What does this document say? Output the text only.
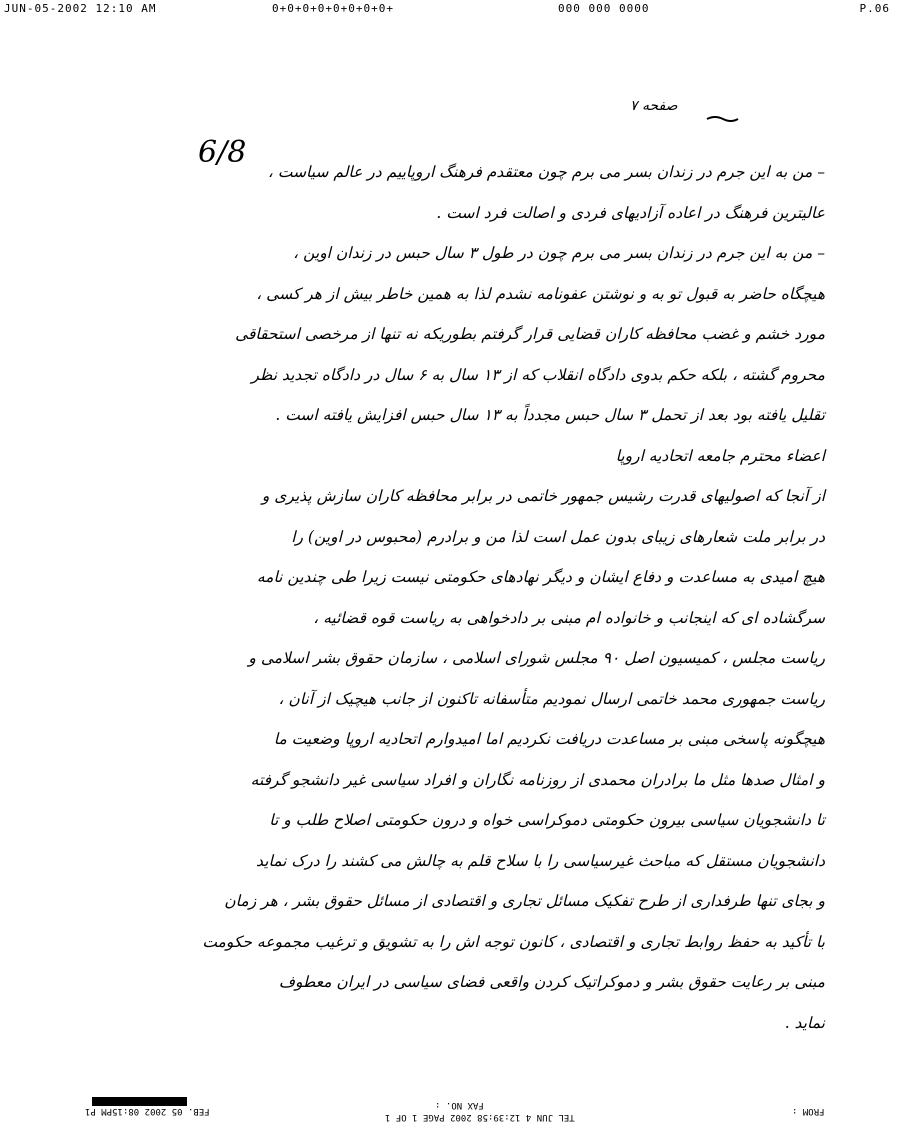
JUN-05-2002 12:10 AM	0+0+0+0+0+0+0+0+	000 000 0000	P.06
صفحه ۷
6/8
– من به این جرم در زندان بسر می برم چون معتقدم فرهنگ اروپاییم در عالم سیاست ،
عالیترین فرهنگ در اعاده آزادیهای فردی و اصالت فرد است .
– من به این جرم در زندان بسر می برم چون در طول ۳ سال حبس در زندان اوین ،
هیچگاه حاضر به قبول تو به و نوشتن عفونامه نشدم لذا به همین خاطر بیش از هر کسی ،
مورد خشم و غضب محافظه کاران قضایی قرار گرفتم بطوریکه نه تنها از مرخصی استحقاقی
محروم گشته ، بلکه حکم بدوی دادگاه انقلاب که از ۱۳ سال به ۶ سال در دادگاه تجدید نظر
تقلیل یافته بود بعد از تحمل ۳ سال حبس مجدداً به ۱۳ سال حبس افزایش یافته است .
اعضاء محترم جامعه اتحادیه اروپا
از آنجا که اصولیهای قدرت رشیس جمهور خاتمی در برابر محافظه کاران سازش پذیری و
در برابر ملت شعارهای زیبای بدون عمل است لذا من و برادرم (محبوس در اوین) را
هیچ امیدی به مساعدت و دفاع ایشان و دیگر نهادهای حکومتی نیست زیرا طی چندین نامه
سرگشاده ای که اینجانب و خانواده ام مبنی بر دادخواهی به ریاست قوه قضائیه ،
ریاست مجلس ، کمیسیون اصل ۹۰ مجلس شورای اسلامی ، سازمان حقوق بشر اسلامی و
ریاست جمهوری محمد خاتمی ارسال نمودیم متأسفانه تاکنون از جانب هیچیک از آنان ،
هیچگونه پاسخی مبنی بر مساعدت دریافت نکردیم اما امیدوارم اتحادیه اروپا وضعیت ما
و امثال صدها مثل ما برادران محمدی از روزنامه نگاران و افراد سیاسی غیر دانشجو گرفته
تا دانشجویان سیاسی بیرون حکومتی دموکراسی خواه و درون حکومتی اصلاح طلب و تا
دانشجویان مستقل که مباحث غیرسیاسی را با سلاح قلم به چالش می کشند را درک نماید
و بجای تنها طرفداری از طرح تفکیک مسائل تجاری و اقتصادی از مسائل حقوق بشر ، هر زمان
با تأکید به حفظ روابط تجاری و اقتصادی ، کانون توجه اش را به تشویق و ترغیب مجموعه حکومت
مبنی بر رعایت حقوق بشر و دموکراتیک کردن واقعی فضای سیاسی در ایران معطوف
نماید .
FEB. 05 2002 08:15PM P1
FAX NO. :
TEL JUN 4 12:39:58 2002 PAGE 1 OF 1
FROM :
